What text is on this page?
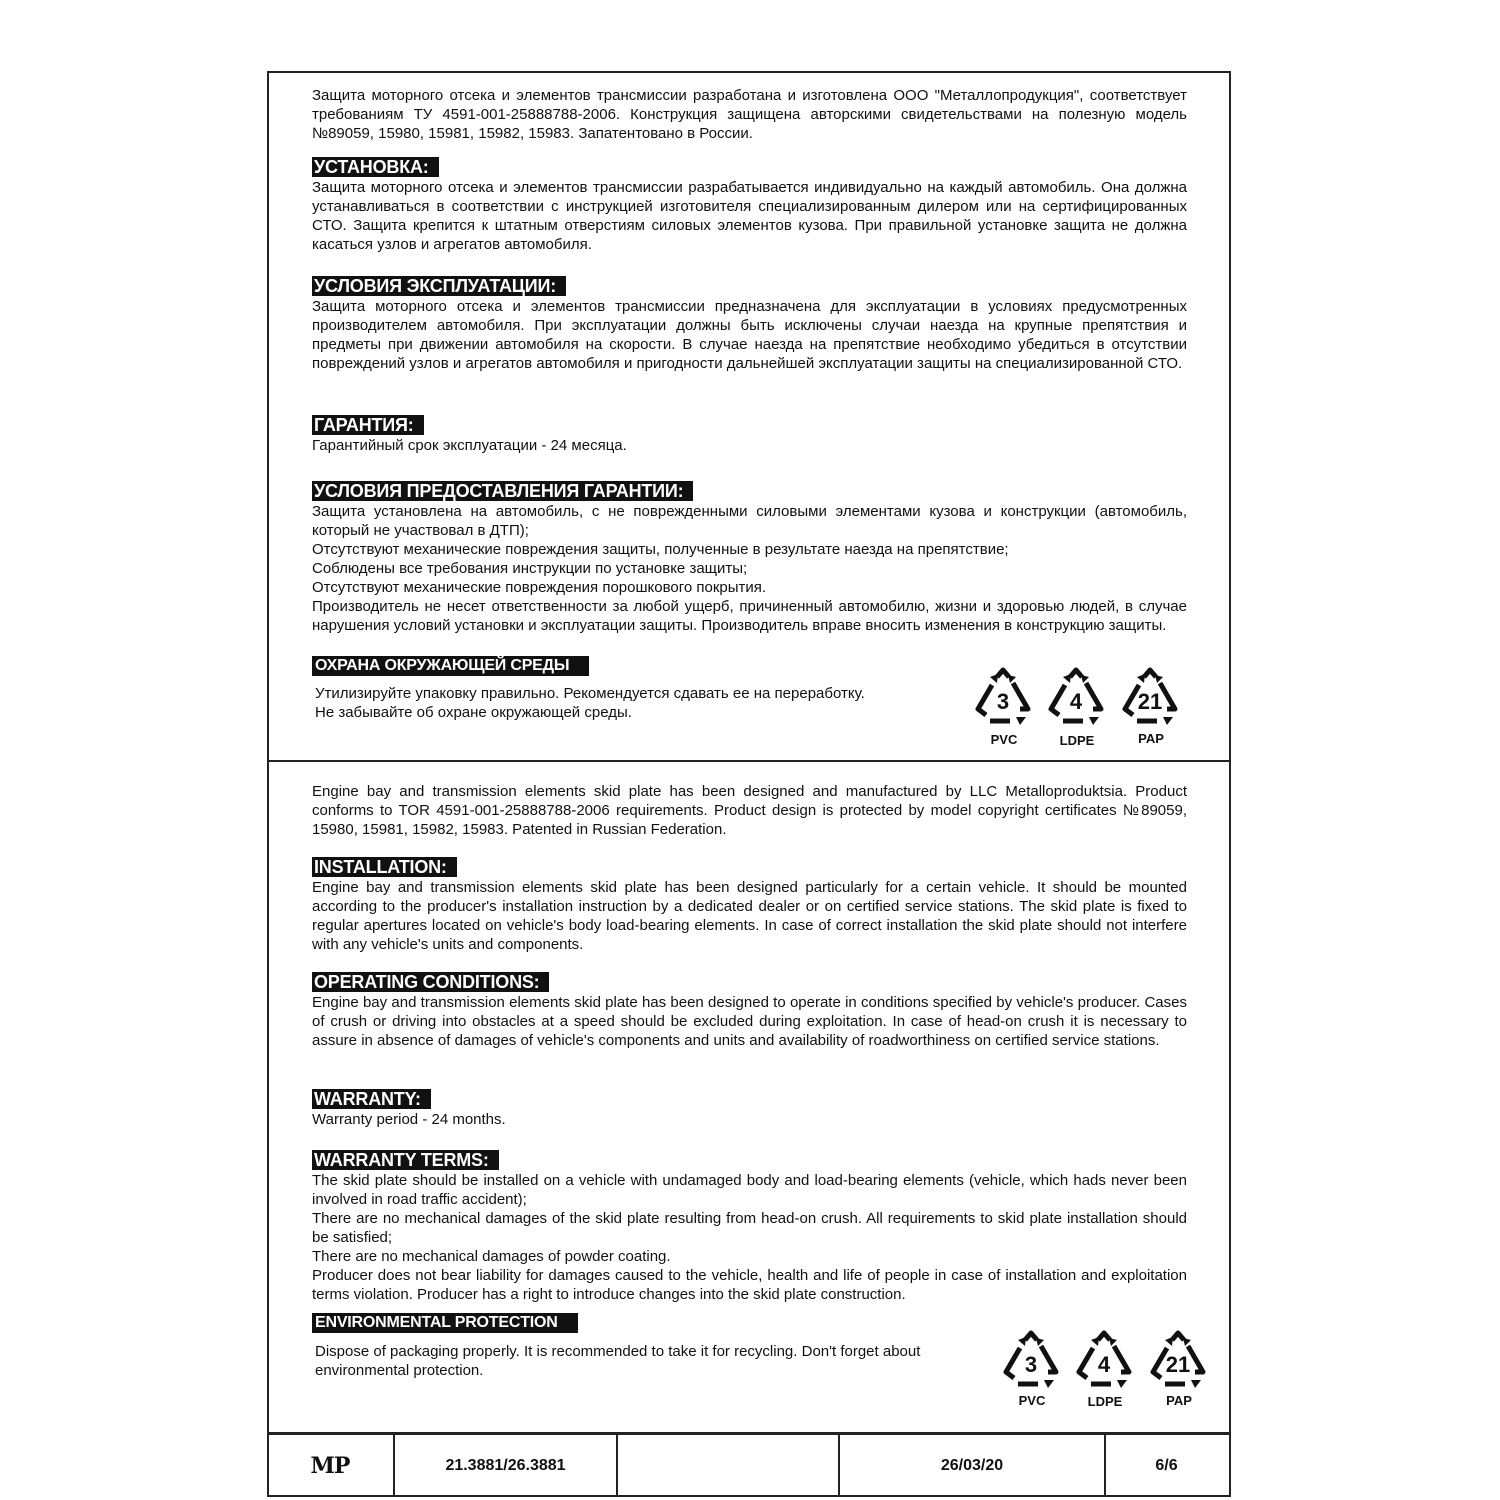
Защита моторного отсека и элементов трансмиссии разработана и изготовлена ООО "Металлопродукция", соответствует требованиям ТУ 4591-001-25888788-2006. Конструкция защищена авторскими свидетельствами на полезную модель №89059, 15980, 15981, 15982, 15983. Запатентовано в России.

УСТАНОВКА:

Защита моторного отсека и элементов трансмиссии разрабатывается индивидуально на каждый автомобиль. Она должна устанавливаться в соответствии с инструкцией изготовителя специализированным дилером или на сертифицированных СТО. Защита крепится к штатным отверстиям силовых элементов кузова. При правильной установке защита не должна касаться узлов и агрегатов автомобиля.

УСЛОВИЯ ЭКСПЛУАТАЦИИ:

Защита моторного отсека и элементов трансмиссии предназначена для эксплуатации в условиях предусмотренных производителем автомобиля. При эксплуатации должны быть исключены случаи наезда на крупные препятствия и предметы при движении автомобиля на скорости. В случае наезда на препятствие необходимо убедиться в отсутствии повреждений узлов и агрегатов автомобиля и пригодности дальнейшей эксплуатации защиты на специализированной СТО.

ГАРАНТИЯ:

Гарантийный срок эксплуатации - 24 месяца.

УСЛОВИЯ ПРЕДОСТАВЛЕНИЯ ГАРАНТИИ:

Защита установлена на автомобиль, с не поврежденными силовыми элементами кузова и конструкции (автомобиль, который не участвовал в ДТП);

Отсутствуют механические повреждения защиты, полученные в результате наезда на препятствие;

Соблюдены все требования инструкции по установке защиты;

Отсутствуют механические повреждения порошкового покрытия.

Производитель не несет ответственности за любой ущерб, причиненный автомобилю, жизни и здоровью людей, в случае нарушения условий установки и эксплуатации защиты. Производитель вправе вносить изменения в конструкцию защиты.

ОХРАНА ОКРУЖАЮЩЕЙ СРЕДЫ
Утилизируйте упаковку правильно. Рекомендуется сдавать ее на переработку.
Не забывайте об охране окружающей среды.

Engine bay and transmission elements skid plate has been designed and manufactured by LLC Metalloproduktsia. Product conforms to TOR 4591-001-25888788-2006 requirements. Product design is protected by model copyright certificates №89059, 15980, 15981, 15982, 15983. Patented in Russian Federation.

INSTALLATION:

Engine bay and transmission elements skid plate has been designed particularly for a certain vehicle. It should be mounted according to the producer's installation instruction by a dedicated dealer or on certified service stations. The skid plate is fixed to regular apertures located on vehicle's body load-bearing elements. In case of correct installation the skid plate should not interfere with any vehicle's units and components.

OPERATING CONDITIONS:

Engine bay and transmission elements skid plate has been designed to operate in conditions specified by vehicle's producer. Cases of crush or driving into obstacles at a speed should be excluded during exploitation. In case of head-on crush it is necessary to assure in absence of damages of vehicle's components and units and availability of roadworthiness on certified service stations.

WARRANTY:

Warranty period - 24 months.

WARRANTY TERMS:

The skid plate should be installed on a vehicle with undamaged body and load-bearing elements (vehicle, which hads never been involved in road traffic accident);

There are no mechanical damages of the skid plate resulting from head-on crush. All requirements to skid plate installation should be satisfied;

There are no mechanical damages of powder coating.

Producer does not bear liability for damages caused to the vehicle, health and life of people in case of installation and exploitation terms violation. Producer has a right to introduce changes into the skid plate construction.

ENVIRONMENTAL PROTECTION
Dispose of packaging properly. It is recommended to take it for recycling. Don't forget about environmental protection.
3
PVC
4
LDPE
21
PAP
3
PVC
4
LDPE
21
PAP
MP	21.3881/26.3881	26/03/20	6/6
